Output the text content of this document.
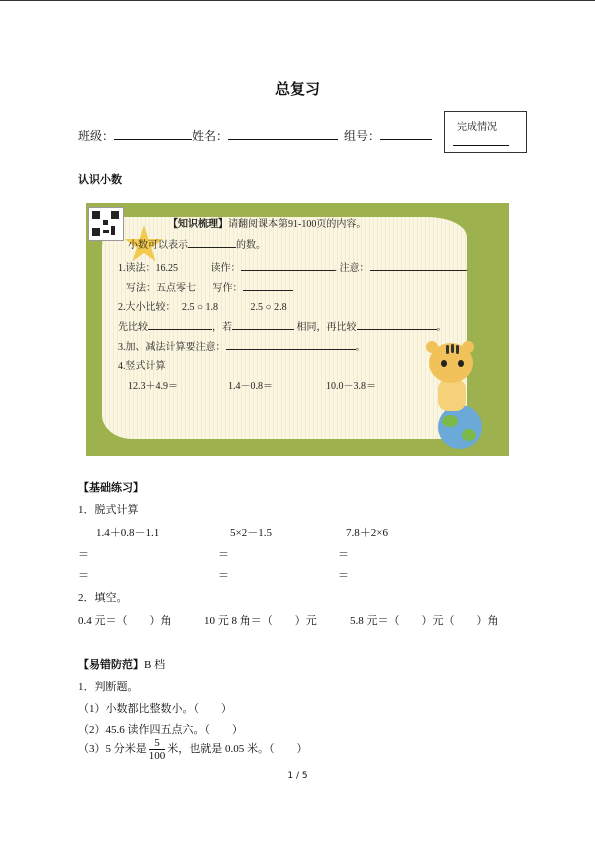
总复习
班级：	姓名：	组号：
完成情况
认识小数
【知识梳理】请翻阅课本第91-100页的内容。
小数可以表示	的数。
1.读法：16.25	读作：	. 注意：	.
写法：五点零七 写作：
2.大小比较： 2.5 ○ 1.8	2.5 ○ 2.8
先比较	，若	相同，再比较	。
3.加、减法计算要注意：	。
4.竖式计算
12.3＋4.9＝	1.4－0.8＝	10.0－3.8＝
【基础练习】
1．脱式计算
1.4＋0.8－1.1	5×2－1.5	7.8＋2×6
＝	＝	＝
＝	＝	＝
2．填空。
0.4 元＝（　　）角	10 元 8 角＝（　　）元	5.8 元＝（　　）元（　　）角
【易错防范】B 档
1．判断题。
（1）小数都比整数小。（　　）
（2）45.6 读作四五点六。（　　）
（3）5 分米是 $\frac{5}{100}$ 米，也就是 0.05 米。（　　）
1 / 5
